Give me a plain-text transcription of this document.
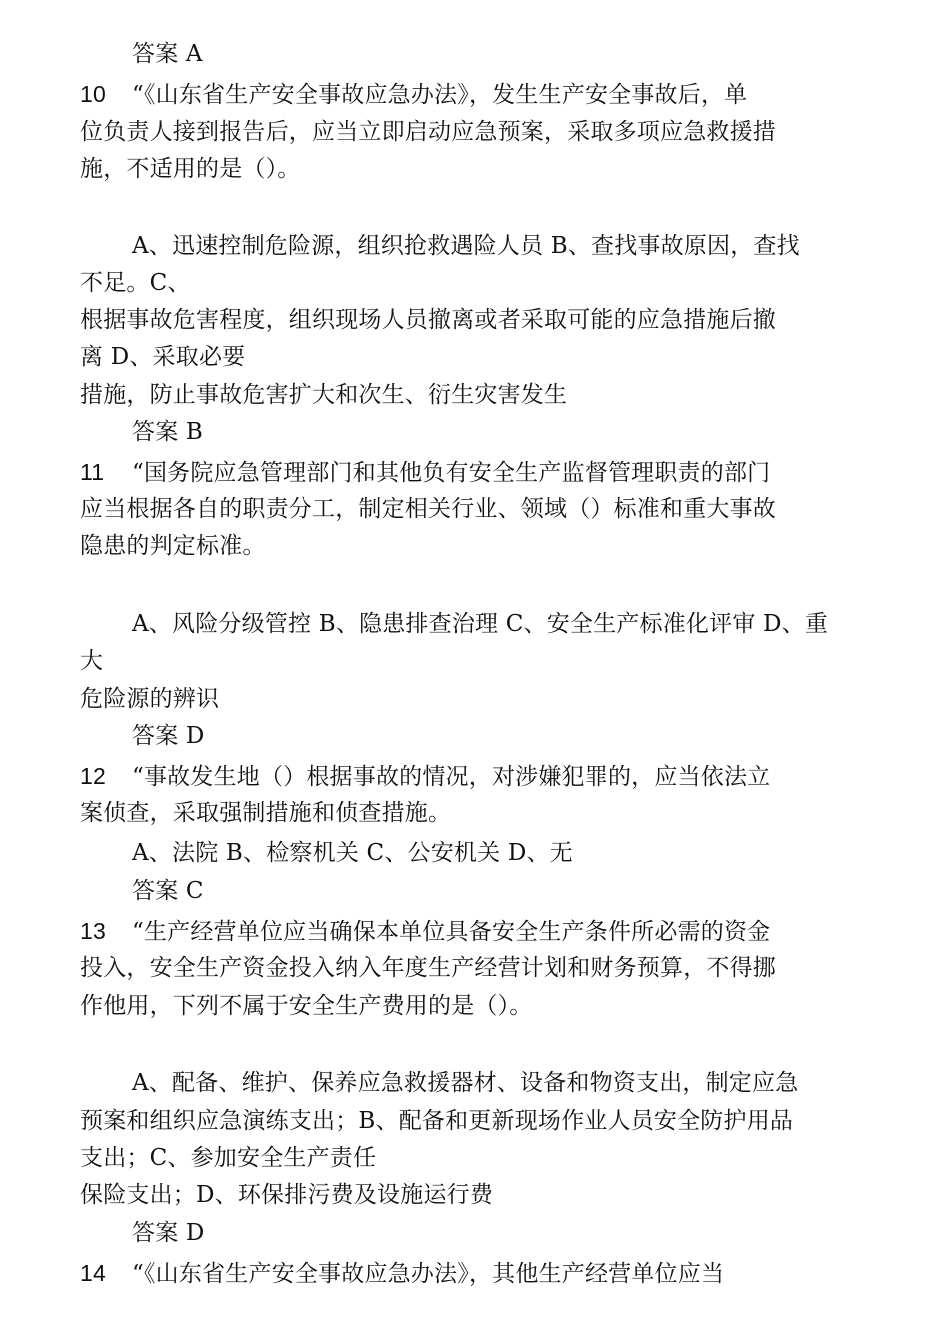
答案 A
10 “《山东省生产安全事故应急办法》，发生生产安全事故后，单
位负责人接到报告后，应当立即启动应急预案，采取多项应急救援措
施，不适用的是（）。
A、迅速控制危险源，组织抢救遇险人员 B、查找事故原因，查找
不足。C、
根据事故危害程度，组织现场人员撤离或者采取可能的应急措施后撤
离 D、采取必要
措施，防止事故危害扩大和次生、衍生灾害发生
答案 B
11 “国务院应急管理部门和其他负有安全生产监督管理职责的部门
应当根据各自的职责分工，制定相关行业、领域（）标准和重大事故
隐患的判定标准。
A、风险分级管控 B、隐患排查治理 C、安全生产标准化评审 D、重
大
危险源的辨识
答案 D
12 “事故发生地（）根据事故的情况，对涉嫌犯罪的，应当依法立
案侦查，采取强制措施和侦查措施。
A、法院 B、检察机关 C、公安机关 D、无
答案 C
13 “生产经营单位应当确保本单位具备安全生产条件所必需的资金
投入，安全生产资金投入纳入年度生产经营计划和财务预算，不得挪
作他用，下列不属于安全生产费用的是（）。
A、配备、维护、保养应急救援器材、设备和物资支出，制定应急
预案和组织应急演练支出；B、配备和更新现场作业人员安全防护用品
支出；C、参加安全生产责任
保险支出；D、环保排污费及设施运行费
答案 D
14 “《山东省生产安全事故应急办法》，其他生产经营单位应当
